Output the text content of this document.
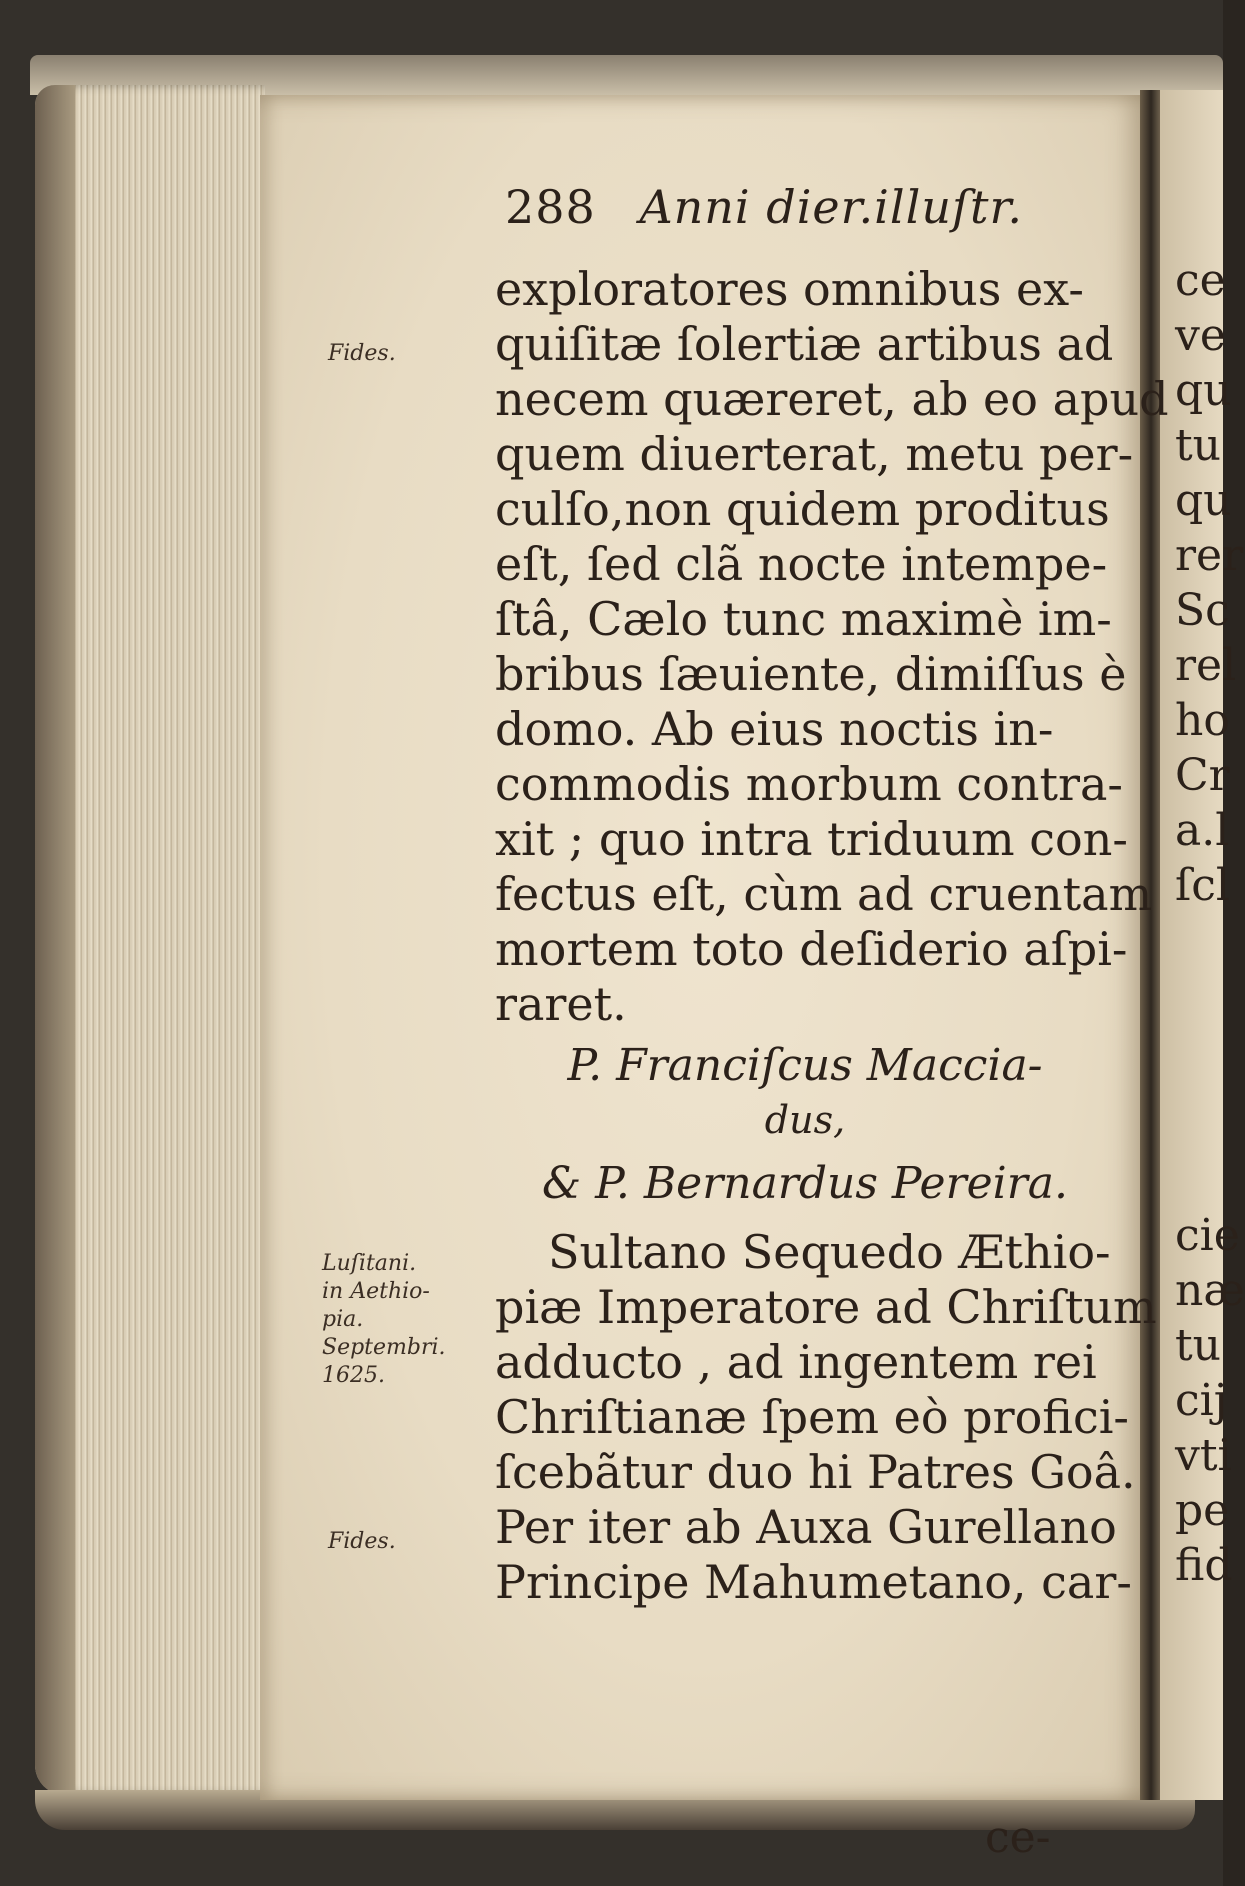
288 Anni dier.illuſtr.
exploratores omnibus ex-
quiſitæ ſolertiæ artibus ad
necem quæreret, ab eo apud
quem diuerterat, metu per-
culſo,non quidem proditus
eſt, ſed clã nocte intempe-
ſtâ, Cælo tunc maximè im-
bribus ſæuiente, dimiſſus è
domo. Ab eius noctis in-
commodis morbum contra-
xit ; quo intra triduum con-
fectus eſt, cùm ad cruentam
mortem toto deſiderio aſpi-
raret.
P. Franciſcus Maccia-
dus,
& P. Bernardus Pereira.
Sultano Sequedo Æthio-
piæ Imperatore ad Chriſtum
adducto , ad ingentem rei
Chriſtianæ ſpem eò profici-
ſcebãtur duo hi Patres Goâ.
Per iter ab Auxa Gurellano
Principe Mahumetano, car-
ce-
Fides.
Luſitani.
in Aethio-
pia.
Septembri.
1625.
Fides.
ce
ve
qu
tu
qu
rer
Sc
rel
ho
Cr
a.l
ſcl
cie
næ
tu
cij
vti
pe
fid
